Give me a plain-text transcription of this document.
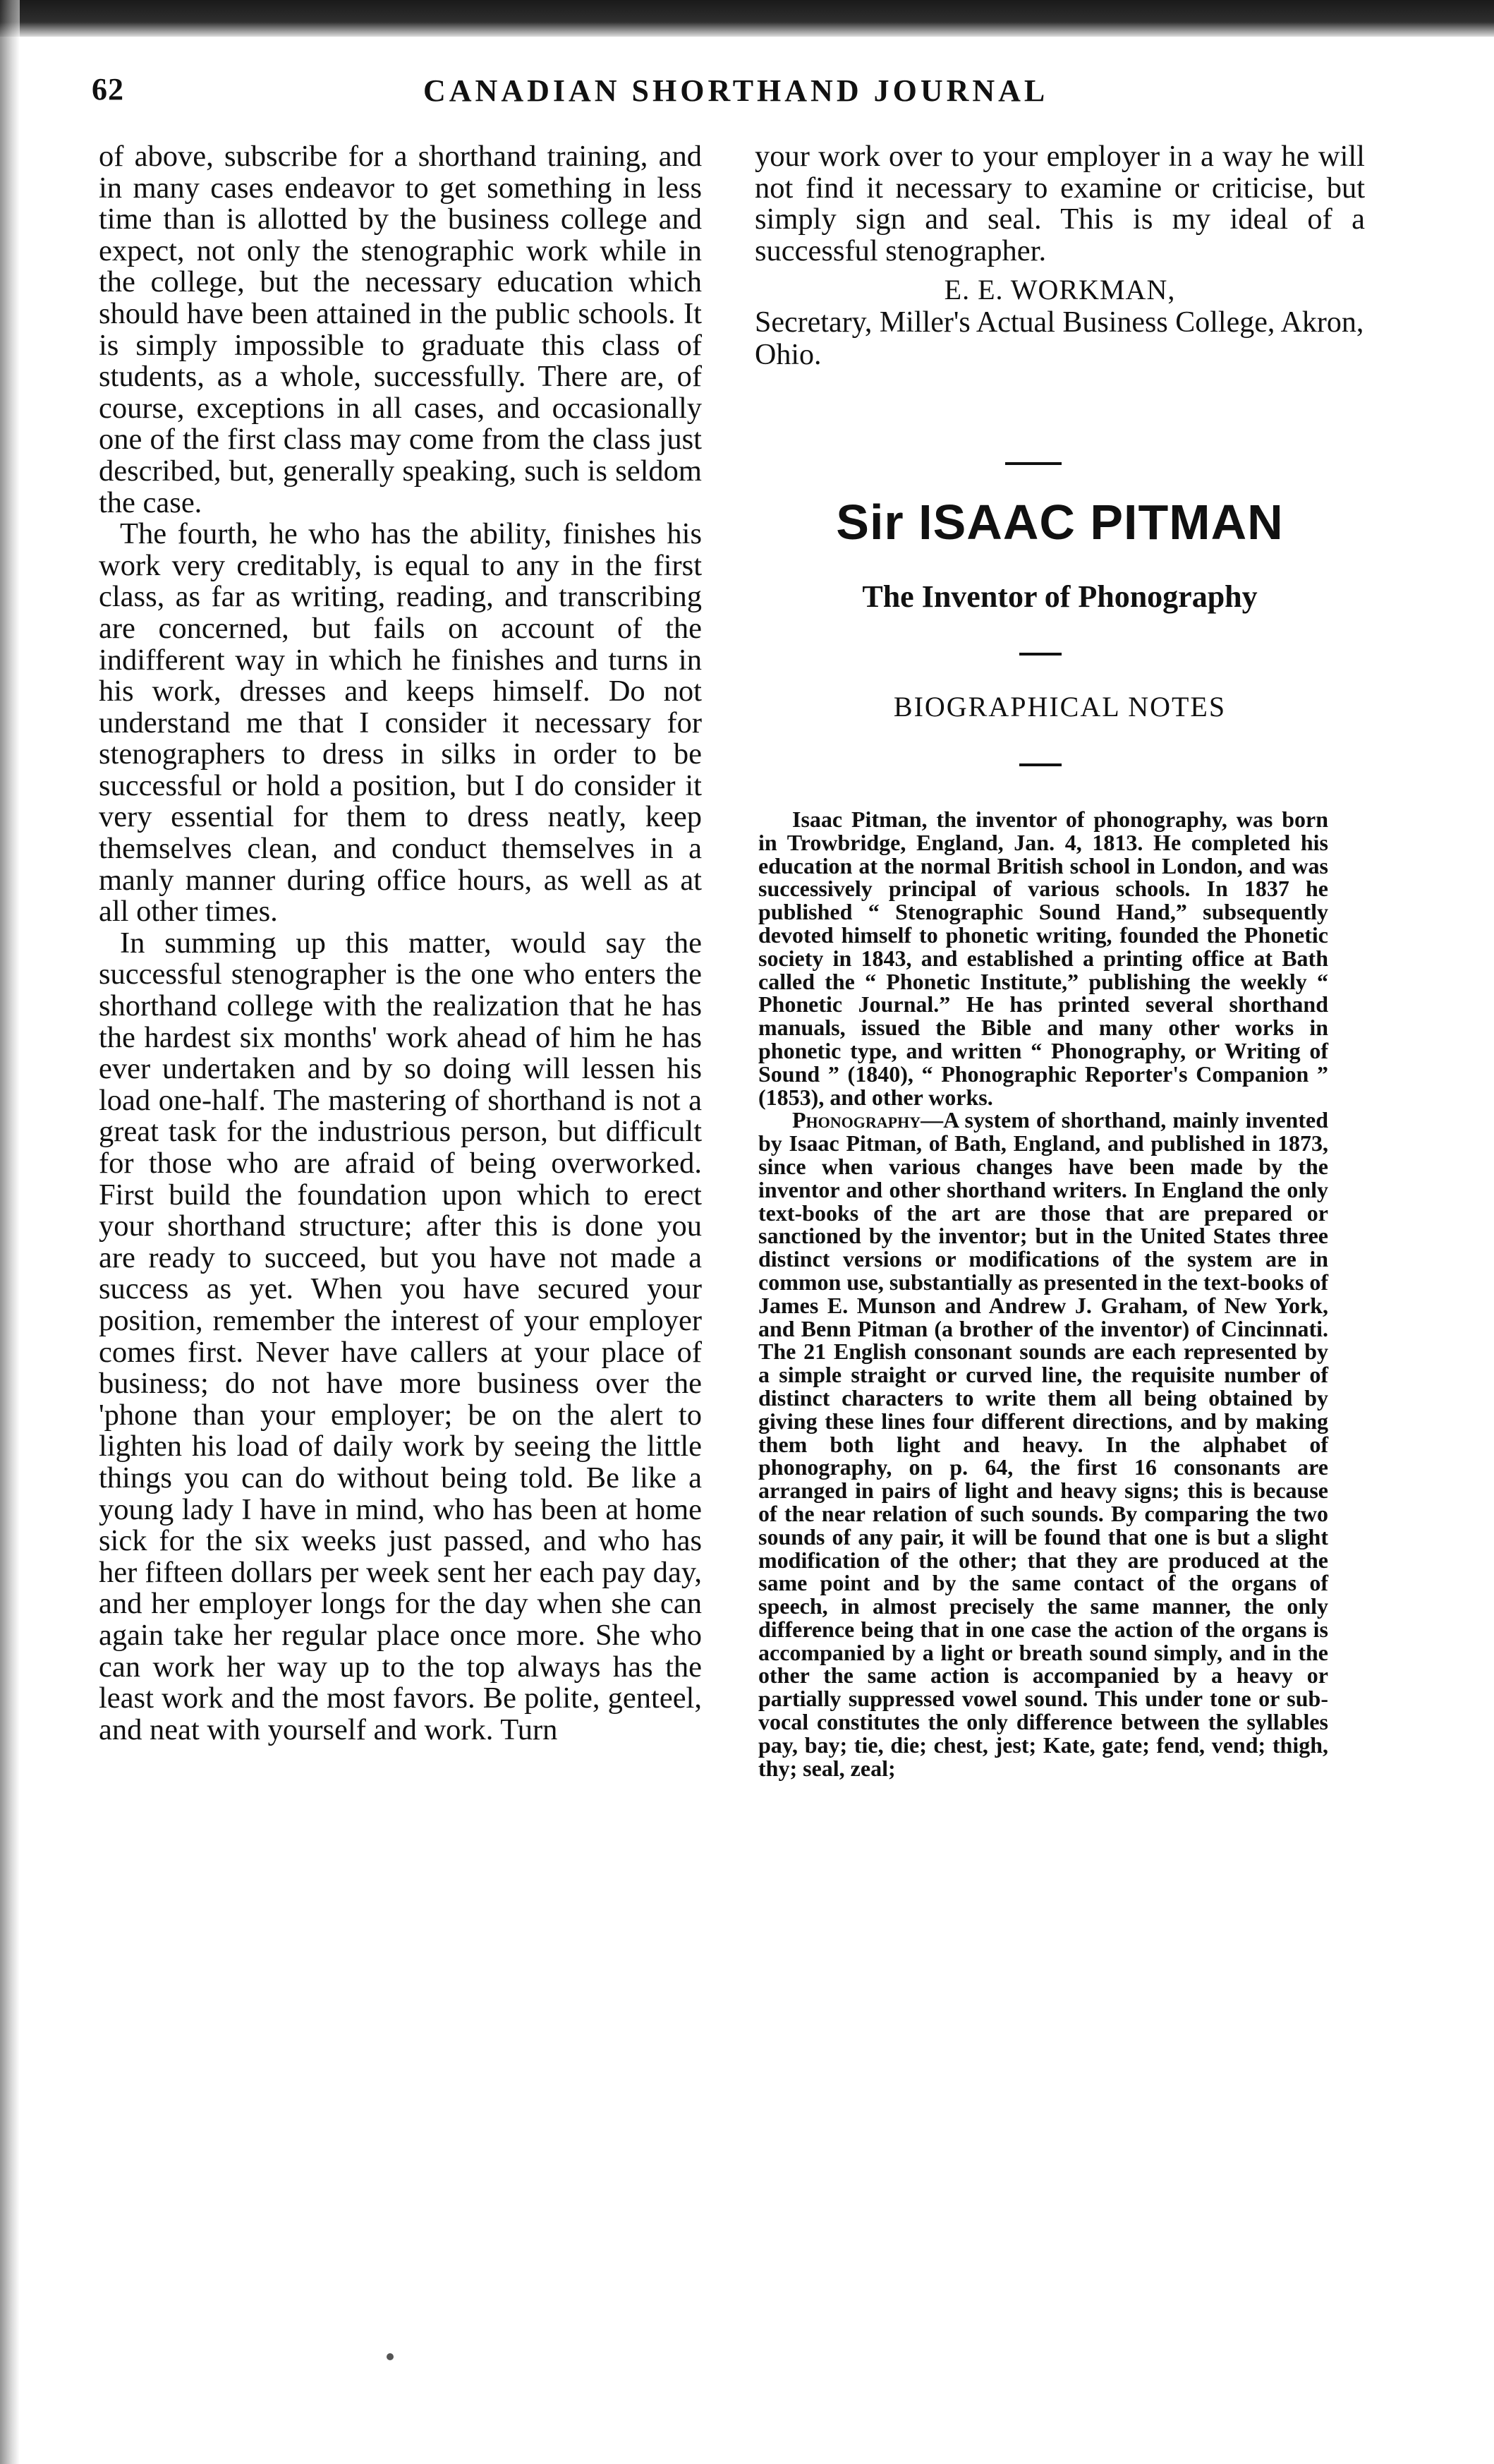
62	CANADIAN SHORTHAND JOURNAL

of above, subscribe for a shorthand training, and in many cases endeavor to get something in less time than is allotted by the business college and expect, not only the stenographic work while in the college, but the necessary education which should have been attained in the public schools. It is simply impossible to graduate this class of students, as a whole, successfully. There are, of course, exceptions in all cases, and occasionally one of the first class may come from the class just described, but, generally speaking, such is seldom the case.

The fourth, he who has the ability, finishes his work very creditably, is equal to any in the first class, as far as writing, reading, and transcribing are concerned, but fails on account of the indifferent way in which he finishes and turns in his work, dresses and keeps himself. Do not understand me that I consider it necessary for stenographers to dress in silks in order to be successful or hold a position, but I do consider it very essential for them to dress neatly, keep themselves clean, and conduct themselves in a manly manner during office hours, as well as at all other times.

In summing up this matter, would say the successful stenographer is the one who enters the shorthand college with the realization that he has the hardest six months' work ahead of him he has ever undertaken and by so doing will lessen his load one-half. The mastering of shorthand is not a great task for the industrious person, but difficult for those who are afraid of being overworked. First build the foundation upon which to erect your shorthand structure; after this is done you are ready to succeed, but you have not made a success as yet. When you have secured your position, remember the interest of your employer comes first. Never have callers at your place of business; do not have more business over the 'phone than your employer; be on the alert to lighten his load of daily work by seeing the little things you can do without being told. Be like a young lady I have in mind, who has been at home sick for the six weeks just passed, and who has her fifteen dollars per week sent her each pay day, and her employer longs for the day when she can again take her regular place once more. She who can work her way up to the top always has the least work and the most favors. Be polite, genteel, and neat with yourself and work. Turn

your work over to your employer in a way he will not find it necessary to examine or criticise, but simply sign and seal. This is my ideal of a successful stenographer.

E. E. WORKMAN,
Secretary, Miller's Actual Business College, Akron, Ohio.
Sir ISAAC PITMAN
The Inventor of Phonography
BIOGRAPHICAL NOTES

Isaac Pitman, the inventor of phonography, was born in Trowbridge, England, Jan. 4, 1813. He completed his education at the normal British school in London, and was successively principal of various schools. In 1837 he published “ Stenographic Sound Hand,” subsequently devoted himself to phonetic writing, founded the Phonetic society in 1843, and established a printing office at Bath called the “ Phonetic Institute,” publishing the weekly “ Phonetic Journal.” He has printed several shorthand manuals, issued the Bible and many other works in phonetic type, and written “ Phonography, or Writing of Sound ” (1840), “ Phonographic Reporter's Companion ” (1853), and other works.

Phonography—A system of shorthand, mainly invented by Isaac Pitman, of Bath, England, and published in 1873, since when various changes have been made by the inventor and other shorthand writers. In England the only text-books of the art are those that are prepared or sanctioned by the inventor; but in the United States three distinct versions or modifications of the system are in common use, substantially as presented in the text-books of James E. Munson and Andrew J. Graham, of New York, and Benn Pitman (a brother of the inventor) of Cincinnati. The 21 English consonant sounds are each represented by a simple straight or curved line, the requisite number of distinct characters to write them all being obtained by giving these lines four different directions, and by making them both light and heavy. In the alphabet of phonography, on p. 64, the first 16 consonants are arranged in pairs of light and heavy signs; this is because of the near relation of such sounds. By comparing the two sounds of any pair, it will be found that one is but a slight modification of the other; that they are produced at the same point and by the same contact of the organs of speech, in almost precisely the same manner, the only difference being that in one case the action of the organs is accompanied by a light or breath sound simply, and in the other the same action is accompanied by a heavy or partially suppressed vowel sound. This under tone or sub-vocal constitutes the only difference between the syllables pay, bay; tie, die; chest, jest; Kate, gate; fend, vend; thigh, thy; seal, zeal;
